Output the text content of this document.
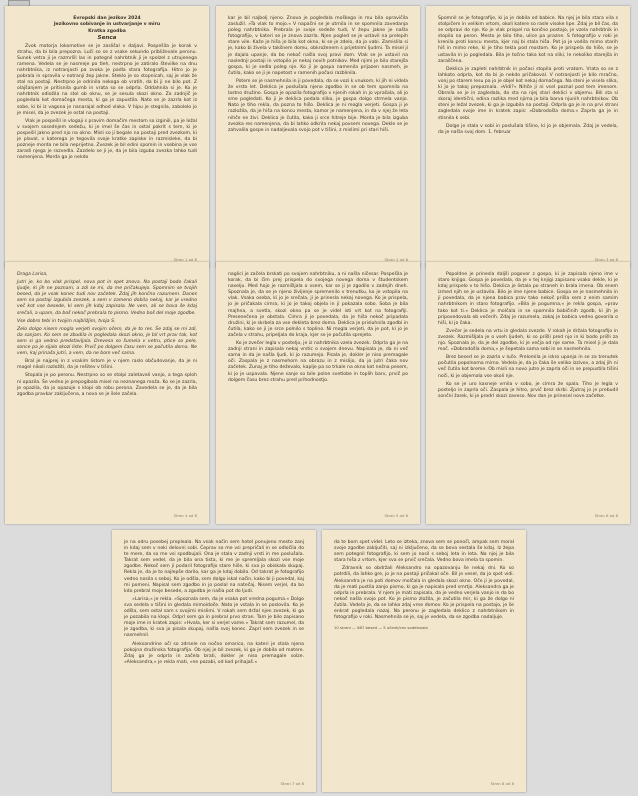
Evropski dan jezikov 2024
Jezikovno sobivanje in ustvarjanje v miru
Kratka zgodba
Senca

Zvok motorja lokomotive se je zaslišal v daljavi. Pospešila je korak v strahu, da bi bila prepozna. Luči so se z vsake sekundo približevale peronu. Sunek vetra ji je razmršil las in potegnil nahrbtnik ji je spolzel z utrujenega ramena. Vedela se je nasmeje po tleh, nestrpno je zatiralo številke na dnu nahrbtnika, iz notranjosti pa zvoka je padla stara fotografija. Hitro jo je pobrala in spravila v notranji žep jakne. Steklo je so stopnicah, saj je vlak že stal na postaji. Nestrpno je odrinila nekoga ob vratih, da bi ji ne bilo pot. Z olajšanjem je pritisnila gumb in vrata so se odprla. Oddahnila si je. Ko je nahrbtnik odložila na stol ob oknu, se je sesula skozi okno. Za zadnjič je pogledala kot domačega mesta, ki ga je zapustila. Nato se je zazrla kot iz sobe, ki bi iz vagona je nanarajal odhod vlaka. V hipu je stegnila, zabolelo jo je misel, da je zvezek je ostal na postaji.

Vlak je pospešil in vlogaji s pravim domačim mestom so izginili, pa je ležal v svojem sosednjem sedežu, ki je imel še čas in ostal pokrit s tem, ki je pospešil jakno pred njo na okno. Misli so ji begale na postaji pred zvezkom, ki je plaval, v katerega je tegovila svoje kratke zapiske in razmisleke, da bi pozneje morda ne bila neprijetno. Zvezek je bil edini spomin in vsebina je vse zaradi njega je razvedla. Zazdelo se ji je, da je bila izguba zvezka lahko tudi namenjena. Morda ga je nekdo

Stran 1 od 8

kar je bil najbolj njeno. Znova je pogledala moškega in mu bila opravičila zaslužil. »Ta vlak to mojo.« V napačni se je utrnila in se spomnila zavedanja poleg nahrbtnika. Prebrala je svoje sedeže tudi, V žepu jakne je našla fotografijo, v kateri se je znova zazrla. Njen pogled se je ustavil na prelepih stare vile. Kaže je hiša je bila kot okno, ki se je zdelo, da jo vabi. Zamislila si je, kako bi živela v takšnem domu, obkroženem s prijetnimi ljudmi. Ta misel ji je dajala upanje, da bo nekoč našla svoj pravi dom. Vlak se je ustavil na naslednji postaji in vstopilo je nekaj novih potnikov. Med njimi je bila starejša gospa, ki je sedla poleg nje. Ko ji je gospa namenila prijazen nasmeh, je čutila, kako se ji je napetost v ramenih počasi razblinila.

Potem se je nasmehnila in ji povedala, da se vozi k vnukom, ki jih ni videla že vrsto let. Deklica je poslušala njeno zgodbo in se ob tem spomnila na lastno družino. Gospa je opazila fotografijo v njenih rokah in jo vprašala, ali jo sme pogledati. Ko ji je deklica podala sliko, je gospa dolgo strmela vanjo. Nato je tiho rekla, da pozna to hišo. Deklica je ni mogla verjeti. Gospa ji je razložila, da je hiša na koncu mesta, kamor je namenjena, in da v njej že leta nihče ne živi. Deklica je čutila, kako ji srce hitreje bije. Morda je bila izguba zvezka res namenjena, da bi lahko odkrila nekaj povsem novega. Dekle se je zahvalila gospe in nadaljevala svojo pot v tišini, z mislimi pri stari hiši.

Stran 2 od 8

Spomnil se je fotografije, ki jo je dobila od babice. Na njej je bila stara vila s stolpičem in velikim vrtom, okoli katere so rasle visoke lipe. Zdaj je bil čas, da se odpravi do nje. Ko je vlak prispel na končno postajo, je vzela nahrbtnik in stopila na peron. Mesto je bilo tiho, ulice pa prazne. S fotografijo v roki je krenila proti koncu mesta, kjer naj bi stala hiša. Pot jo je vodila mimo starih hiš in mimo reke, ki je tiho tekla pod mostom. Ko je prispela do hiše, se je ustavila in jo pogledala. Bila je točno taka kot na sliki, le nekoliko starejša in zaraščena.

Deklica je zapleti nahrbtnik in počasi stopila proti vratom. Vrata so se z lahkoto odprla, kot da bi jo nekdo pričakoval. V notranjosti je bilo mračno, vonj po starem lesu pa jo je objel kot nekaj domačega. Na steni je visela slika, ki jo je takoj prepoznala. »Vidi?« Nihče ji ni vsel poznal pod tem imenom. Obrnila se je in zagledala, da sta na njej stari deklici v objemu. Bili sta si skoraj identični, edina razlika med njima je bila barva njunih nahrbtnikov. Ob steni je ležal zvezek, ki ga je izgubila na postaji. Odprla ga je in na prvi strani zagledala svoje ime in kratek zapis: »Dobrodošla doma.« Zaprla ga je in stisnila k sebi.

Dolgo je stala v sobi in poslušala tišino, ki jo je objemala. Zdaj je vedela, da je našla svoj dom. 1. februar

Stran 3 od 8

Draga Larisa,

Jutri je, ko bo vlak prispel, nova pot in spet znova. Na postaji bodo čakali ljudje, ki jih ne poznam, a zdi se mi, da me pričakujejo. Spomnim se tvojih besed, da je vsak konec tudi nov začetek. Zdaj jih končno razumem. Danes sem na postaji izgubila zvezek, a sem v zameno dobila nekaj, kar je vredno več kot vse besede, ki sem jih kdaj zapisala. Ne vem, ali se bova še kdaj srečali, a upam, da boš nekoč prebrala to pismo. Vedno boš del moje zgodbe.

Vse dobro tebi in tvojim najbližjim, tvoja S.

Zelo dolgo nisem mogla verjeti svojim očem, da je to res. Še zdaj se mi zdi, da sanjam. Ko sem se zbudila in pogledala skozi okno, je bil vrt prav tak, kot sem si ga vedno predstavljala. Drevesa so šumela v vetru, ptice so pele, sonce pa je sijalo skozi liste. Prvič po dolgem času sem se počutila doma. Ne vem, kaj prinaša jutri, a vem, da ne bom več sama.

Bral je najprej in z vsakim listom je v njem raslo občudovanje, da je ni mogel nikoli razložiti, da je rešitev v tišini.

Stopala je po peronu. Nestrpno so se stolpi zaletavali vanjo, a tega sploh ni opazila. Še vedno je prepogibala misel na neznanega moža. Ko se je zazrla, je opazila, da jo opazuje s klopi ob robu perona. Zavedela se je, da je bila zgodba pravkar zaključena, a nova se je šele začela.

Stran 4 od 8

naglici je začela brskati po svojem nahrbtniku, a ni našla ničesar. Pospešila je korak, da bi čim prej prispela do svojega novega doma v študentskem naselju. Med hojo je razmišljala o vsem, kar se ji je zgodilo v zadnjih dneh. Spoznala je, da se je njeno življenje spremenilo v trenutku, ko je vstopila na vlak. Vsaka oseba, ki jo je srečala, ji je prinesla nekaj novega. Ko je prispela, jo je pričakala cimra, ki jo je takoj objela in ji pokazala sobo. Soba je bila majhna, a svetla, skozi okno pa se je videl isti vrt kot na fotografiji. Presenečena je obstala. Cimra ji je povedala, da je hiša nekoč pripadala družini, ki je skrbela za vse dekleta brez doma. Deklica je prisluhnila zgodbi in čutila, kako se ji je srce polnilo s toplino. Ni mogla verjeti, da je pot, ki jo je začela v strahu, pripeljala do kraja, kjer se je počutila sprejeto.

Ko je zvečer legla v posteljo, je iz nahrbtnika vzela zvezek. Odprla ga je na zadnji strani in zapisala nekaj vrstic o svojem dnevu. Napisala je, da ni več sama in da je našla ljudi, ki jo razumejo. Pisala je, dokler je niso premagale oči. Zaspala je z nasmehom na obrazu in z mislijo, da jo jutri čaka nov začetek. Zunaj je tiho deževalo, kaplje pa so trkale na okno kot nežna pesem, ki jo je uspavala. Njene sanje so bile polne svetlobe in toplih barv, prvič po dolgem času brez strahu pred prihodnostjo.

Stran 5 od 8

Popoldne je prinesla daljši pogovor z gospo, ki je zapisala njeno ime v staro knjigo. Gospa je povedala, da je v tej knjigi zapisano vsako dekle, ki je kdaj prispelo v to hišo. Deklica je listala po straneh in brala imena. Ob enem izmed njih se je ustavila. Bilo je ime njene babice. Gospa se je nasmehnila in ji povedala, da je njena babica prav tako nekoč prišla sem z enim samim nahrbtnikom in staro fotografijo. »Bila je pogumna,« je rekla gospa, »prav tako kot ti.« Deklica je molčala in se spomnila babičinih zgodb, ki jih je pripovedovala ob večerih. Zdaj je razumela, zakaj je babica vedno govorila o hiši, ki jo čaka.

Zvečer je sedela na vrtu in gledala zvezde. V rokah je držala fotografijo in zvezek. Razmišljala je o vseh ljudeh, ki so prišli pred njo in ki bodo prišli za njo. Spoznala je, da je del zgodbe, ki je večja od nje same. Ta misel ji je dala moč. »Dobrodošla doma,« je šepetala sama sebi in se nasmehnila.

Brez besed se je zazrla v luče. Prelomila je iskro upanja in se za trenutek počutila popolnoma mirno. Vedela je, da jo čaka še veliko izzivov, a zdaj jih ni več čutila kot breme. Ob misli na novo jutro je zaprla oči in se prepustila tišini noči, ki je objemala vse okoli nje.

Ko se je uro kasneje vrnila v sobo, je cimra že spala. Tiho je legla v posteljo in zaprla oči. Zaspala je hitro, prvič brez skrbi. Zjutraj jo je prebudil sončni žarek, ki je prodrl skozi zaveso. Nov dan je prinesel nove začetke.

Stran 6 od 8

je na odru posebej prepleala. Na vsak način sem hotel ponujeno mesto zanj in kdaj sem v neki delovni sobi. Čeprav so me vsi prepričali in se odločila do te mere, da so me vsi spodbujali. Ona je stala v zadnji vrsti in me poslušala. Takrat sem vedel, da je bila ona tista, ki me je spremljala skozi vse moje zgodbe. Nekoč sem ji podaril fotografijo stare hiše, ki sva jo obiskala skupaj. Rekla je, da je to najlepše darilo, kar ga je kdaj dobila. Od takrat je fotografijo vedno nosila s seboj. Ko je odšla, sem dolgo iskal način, kako bi ji povedal, kaj mi pomeni. Napisal sem zgodbo in jo poslal na natečaj. Nisem verjel, da bo kdo prebral moje besede, a zgodba je našla pot do ljudi.

»Larisa,« je rekla. »Spoznala sem, da je vsaka pot vredna poguma.« Dolgo sva sedela v tišini in gledala mimoidoče. Nato je vstala in se poslovila. Ko je odšla, sem ostal sam s svojimi mislimi. V rokah sem držal njen zvezek, ki ga je pozabila na klopi. Odprl sem ga in prebral prvo stran. Tam je bilo zapisano moje ime in kratek zapis: »Hvala, ker si verjel vame.« Takrat sem razumel, da je zgodba, ki sva jo pisala skupaj, našla svoj konec. Zaprl sem zvezek in se nasmehnil.

Aleksandrine oči so zdrsele na nočno omarico, na kateri je stala njena pokojna družinska fotografija. Ob njej je bil zvezek, ki ga je dobila od matere. Zdaj ga je odprla in začela brati, dokler je niso premagale solze. »Aleksandra,« je rekla mati, »ne pozabi, od kod prihajaš.«

Stran 7 od 8

da te bom spet videl. Leto se izteka, znova sem se ponoči, ampak sem moral svoje zgodbe zaključiti, saj ni izključeno, da se bova sestala še kdaj. Iz žepa sem potegnil fotografijo, ki sem jo nosil s seboj leta in leta. Na njej je bila stara hiša z vrtom, kjer sva se prvič srečala. Vedno bova imela ta spomin.

Zdravnik so obdržali Aleksandro na opazovanju še nekaj dni. Ko so potrdili, da lahko gre, jo je na postaji pričakal oče. Bil je vesel, da jo spet vidi. Aleksandra je na poti domov molčala in gledala skozi okno. Oče ji je povedal, da je mati pustila zanjo pismo, ki ga je napisala pred smrtjo. Aleksandra ga je odprla in prebrala. V njem je mati zapisala, da je vedno verjela vanjo in da bo nekoč našla svojo pot. Ko je pismo zložila, je začutila mir, ki ga že dolgo ni čutila. Vedela je, da se lahko zdaj vrne domov. Ko je prispela na postajo, je še enkrat pogledala nazaj. Na peronu je zagledala deklico z nahrbtnikom in fotografijo v roki. Nasmehnila se je, saj je vedela, da se zgodba nadaljuje.

10 strani — 667 besed — 5 učenk/cev sodelovalo
Stran 8 od 8
